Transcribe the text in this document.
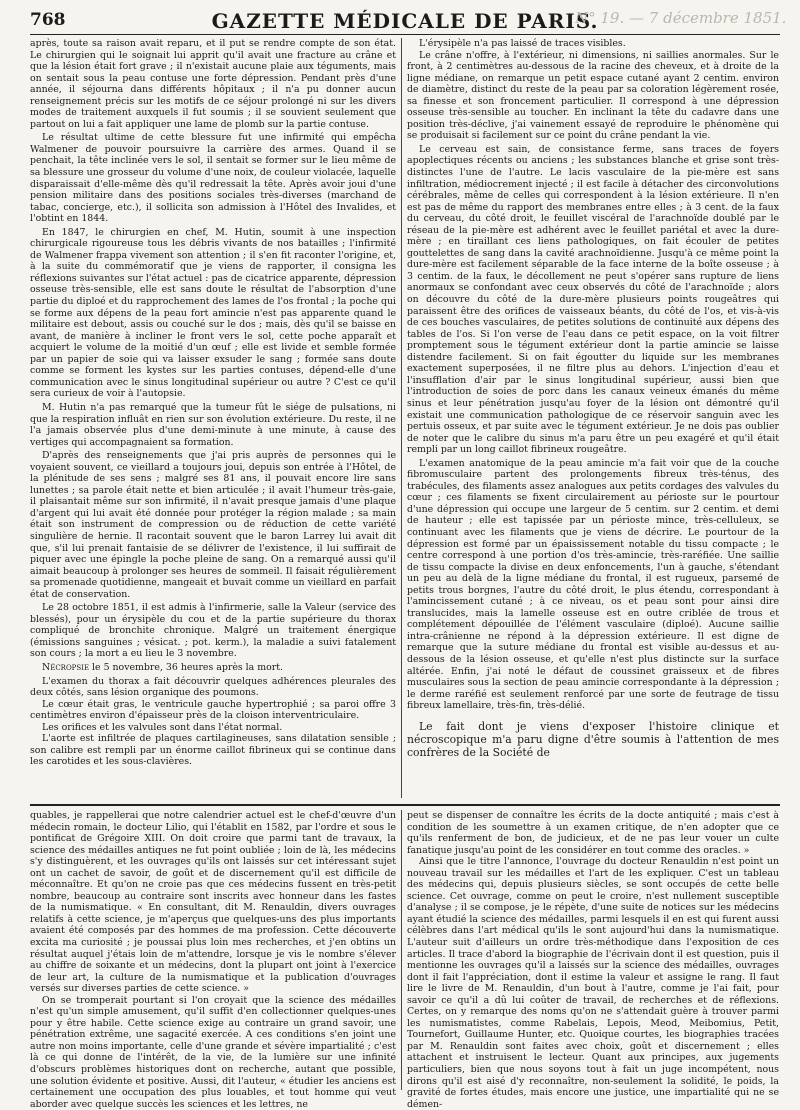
768	GAZETTE MÉDICALE DE PARIS.
N° 19. — 7 décembre 1851.

après, toute sa raison avait reparu, et il put se rendre compte de son état. Le chirurgien qui le soignait lui apprit qu'il avait une fracture au crâne et que la lésion était fort grave ; il n'existait aucune plaie aux téguments, mais on sentait sous la peau contuse une forte dépression. Pendant près d'une année, il séjourna dans différents hôpitaux ; il n'a pu donner aucun renseignement précis sur les motifs de ce séjour prolongé ni sur les divers modes de traitement auxquels il fut soumis ; il se souvient seulement que partout on lui a fait appliquer une lame de plomb sur la partie contuse.

Le résultat ultime de cette blessure fut une infirmité qui empêcha Walmener de pouvoir poursuivre la carrière des armes. Quand il se penchait, la tête inclinée vers le sol, il sentait se former sur le lieu même de sa blessure une grosseur du volume d'une noix, de couleur violacée, laquelle disparaissait d'elle-même dès qu'il redressait la tête. Après avoir joui d'une pension militaire dans des positions sociales très-diverses (marchand de tabac, concierge, etc.), il sollicita son admission à l'Hôtel des Invalides, et l'obtint en 1844.

En 1847, le chirurgien en chef, M. Hutin, soumit à une inspection chirurgicale rigoureuse tous les débris vivants de nos batailles ; l'infirmité de Walmener frappa vivement son attention ; il s'en fit raconter l'origine, et, à la suite du commémoratif que je viens de rapporter, il consigna les réflexions suivantes sur l'état actuel : pas de cicatrice apparente, dépression osseuse très-sensible, elle est sans doute le résultat de l'absorption d'une partie du diploé et du rapprochement des lames de l'os frontal ; la poche qui se forme aux dépens de la peau fort amincie n'est pas apparente quand le militaire est debout, assis ou couché sur le dos ; mais, dès qu'il se baisse en avant, de manière à incliner le front vers le sol, cette poche apparaît et acquiert le volume de la moitié d'un œuf ; elle est livide et semble formée par un papier de soie qui va laisser exsuder le sang ; formée sans doute comme se forment les kystes sur les parties contuses, dépend-elle d'une communication avec le sinus longitudinal supérieur ou autre ? C'est ce qu'il sera curieux de voir à l'autopsie.

M. Hutin n'a pas remarqué que la tumeur fût le siége de pulsations, ni que la respiration influât en rien sur son évolution extérieure. Du reste, il ne l'a jamais observée plus d'une demi-minute à une minute, à cause des vertiges qui accompagnaient sa formation.

D'après des renseignements que j'ai pris auprès de personnes qui le voyaient souvent, ce vieillard a toujours joui, depuis son entrée à l'Hôtel, de la plénitude de ses sens ; malgré ses 81 ans, il pouvait encore lire sans lunettes ; sa parole était nette et bien articulée ; il avait l'humeur très-gaie, il plaisantait même sur son infirmité, il n'avait presque jamais d'une plaque d'argent qui lui avait été donnée pour protéger la région malade ; sa main était son instrument de compression ou de réduction de cette variété singulière de hernie. Il racontait souvent que le baron Larrey lui avait dit que, s'il lui prenait fantaisie de se délivrer de l'existence, il lui suffirait de piquer avec une épingle la poche pleine de sang. On a remarqué aussi qu'il aimait beaucoup à prolonger ses heures de sommeil. Il faisait régulièrement sa promenade quotidienne, mangeait et buvait comme un vieillard en parfait état de conservation.

Le 28 octobre 1851, il est admis à l'infirmerie, salle la Valeur (service des blessés), pour un érysipèle du cou et de la partie supérieure du thorax compliqué de bronchite chronique. Malgré un traitement énergique (émissions sanguines ; vésicat. ; pot. kerm.), la maladie a suivi fatalement son cours ; la mort a eu lieu le 3 novembre.

Nécropsie le 5 novembre, 36 heures après la mort.

L'examen du thorax a fait découvrir quelques adhérences pleurales des deux côtés, sans lésion organique des poumons.

Le cœur était gras, le ventricule gauche hypertrophié ; sa paroi offre 3 centimètres environ d'épaisseur près de la cloison interventriculaire.

Les orifices et les valvules sont dans l'état normal.

L'aorte est infiltrée de plaques cartilagineuses, sans dilatation sensible ; son calibre est rempli par un énorme caillot fibrineux qui se continue dans les carotides et les sous-clavières.

L'érysipèle n'a pas laissé de traces visibles.

Le crâne n'offre, à l'extérieur, ni dimensions, ni saillies anormales. Sur le front, à 2 centimètres au-dessous de la racine des cheveux, et à droite de la ligne médiane, on remarque un petit espace cutané ayant 2 centim. environ de diamètre, distinct du reste de la peau par sa coloration légèrement rosée, sa finesse et son froncement particulier. Il correspond à une dépression osseuse très-sensible au toucher. En inclinant la tête du cadavre dans une position très-déclive, j'ai vainement essayé de reproduire le phénomène qui se produisait si facilement sur ce point du crâne pendant la vie.

Le cerveau est sain, de consistance ferme, sans traces de foyers apoplectiques récents ou anciens ; les substances blanche et grise sont très-distinctes l'une de l'autre. Le lacis vasculaire de la pie-mère est sans infiltration, médiocrement injecté ; il est facile à détacher des circonvolutions cérébrales, même de celles qui correspondent à la lésion extérieure. Il n'en est pas de même du rapport des membranes entre elles ; à 3 cent. de la faux du cerveau, du côté droit, le feuillet viscéral de l'arachnoïde doublé par le réseau de la pie-mère est adhérent avec le feuillet pariétal et avec la dure-mère ; en tiraillant ces liens pathologiques, on fait écouler de petites gouttelettes de sang dans la cavité arachnoïdienne. Jusqu'à ce même point la dure-mère est facilement séparable de la face interne de la boîte osseuse ; à 3 centim. de la faux, le décollement ne peut s'opérer sans rupture de liens anormaux se confondant avec ceux observés du côté de l'arachnoïde ; alors on découvre du côté de la dure-mère plusieurs points rougeâtres qui paraissent être des orifices de vaisseaux béants, du côté de l'os, et vis-à-vis de ces bouches vasculaires, de petites solutions de continuité aux dépens des tables de l'os. Si l'on verse de l'eau dans ce petit espace, on la voit filtrer promptement sous le tégument extérieur dont la partie amincie se laisse distendre facilement. Si on fait égoutter du liquide sur les membranes exactement superposées, il ne filtre plus au dehors. L'injection d'eau et l'insufflation d'air par le sinus longitudinal supérieur, aussi bien que l'introduction de soies de porc dans les canaux veineux émanés du même sinus et leur pénétration jusqu'au foyer de la lésion ont démontré qu'il existait une communication pathologique de ce réservoir sanguin avec les pertuis osseux, et par suite avec le tégument extérieur. Je ne dois pas oublier de noter que le calibre du sinus m'a paru être un peu exagéré et qu'il était rempli par un long caillot fibrineux rougeâtre.

L'examen anatomique de la peau amincie m'a fait voir que de la couche fibromusculaire partent des prolongements fibreux très-ténus, des trabécules, des filaments assez analogues aux petits cordages des valvules du cœur ; ces filaments se fixent circulairement au périoste sur le pourtour d'une dépression qui occupe une largeur de 5 centim. sur 2 centim. et demi de hauteur ; elle est tapissée par un périoste mince, très-celluleux, se continuant avec les filaments que je viens de décrire. Le pourtour de la dépression est formé par un épaississement notable du tissu compacte ; le centre correspond à une portion d'os très-amincie, très-raréfiée. Une saillie de tissu compacte la divise en deux enfoncements, l'un à gauche, s'étendant un peu au delà de la ligne médiane du frontal, il est rugueux, parsemé de petits trous borgnes, l'autre du côté droit, le plus étendu, correspondant à l'amincissement cutané ; à ce niveau, os et peau sont pour ainsi dire translucides, mais la lamelle osseuse est en outre criblée de trous et complétement dépouillée de l'élément vasculaire (diploé). Aucune saillie intra-crânienne ne répond à la dépression extérieure. Il est digne de remarque que la suture médiane du frontal est visible au-dessus et au-dessous de la lésion osseuse, et qu'elle n'est plus distincte sur la surface altérée. Enfin, j'ai noté le défaut de coussinet graisseux et de fibres musculaires sous la section de peau amincie correspondante à la dépression ; le derme raréfié est seulement renforcé par une sorte de feutrage de tissu fibreux lamellaire, très-fin, très-délié.

Le fait dont je viens d'exposer l'histoire clinique et nécroscopique m'a paru digne d'être soumis à l'attention de mes confrères de la Société de

quables, je rappellerai que notre calendrier actuel est le chef-d'œuvre d'un médecin romain, le docteur Lilio, qui l'établit en 1582, par l'ordre et sous le pontificat de Grégoire XIII. On doit croire que parmi tant de travaux, la science des médailles antiques ne fut point oubliée ; loin de là, les médecins s'y distinguèrent, et les ouvrages qu'ils ont laissés sur cet intéressant sujet ont un cachet de savoir, de goût et de discernement qu'il est difficile de méconnaître. Et qu'on ne croie pas que ces médecins fussent en très-petit nombre, beaucoup au contraire sont inscrits avec honneur dans les fastes de la numismatique. « En consultant, dit M. Renauldin, divers ouvrages relatifs à cette science, je m'aperçus que quelques-uns des plus importants avaient été composés par des hommes de ma profession. Cette découverte excita ma curiosité ; je poussai plus loin mes recherches, et j'en obtins un résultat auquel j'étais loin de m'attendre, lorsque je vis le nombre s'élever au chiffre de soixante et un médecins, dont la plupart ont joint à l'exercice de leur art, la culture de la numismatique et la publication d'ouvrages versés sur diverses parties de cette science. »

On se tromperait pourtant si l'on croyait que la science des médailles n'est qu'un simple amusement, qu'il suffit d'en collectionner quelques-unes pour y être habile. Cette science exige au contraire un grand savoir, une pénétration extrême, une sagacité exercée. A ces conditions s'en joint une autre non moins importante, celle d'une grande et sévère impartialité ; c'est là ce qui donne de l'intérêt, de la vie, de la lumière sur une infinité d'obscurs problèmes historiques dont on recherche, autant que possible, une solution évidente et positive. Aussi, dit l'auteur, « étudier les anciens est certainement une occupation des plus louables, et tout homme qui veut aborder avec quelque succès les sciences et les lettres, ne

peut se dispenser de connaître les écrits de la docte antiquité ; mais c'est à condition de les soumettre à un examen critique, de n'en adopter que ce qu'ils renferment de bon, de judicieux, et de ne pas leur vouer un culte fanatique jusqu'au point de les considérer en tout comme des oracles. »

Ainsi que le titre l'annonce, l'ouvrage du docteur Renauldin n'est point un nouveau travail sur les médailles et l'art de les expliquer. C'est un tableau des médecins qui, depuis plusieurs siècles, se sont occupés de cette belle science. Cet ouvrage, comme on peut le croire, n'est nullement susceptible d'analyse ; il se compose, je le répète, d'une suite de notices sur les médecins ayant étudié la science des médailles, parmi lesquels il en est qui furent aussi célèbres dans l'art médical qu'ils le sont aujourd'hui dans la numismatique. L'auteur suit d'ailleurs un ordre très-méthodique dans l'exposition de ces articles. Il trace d'abord la biographie de l'écrivain dont il est question, puis il mentionne les ouvrages qu'il a laissés sur la science des médailles, ouvrages dont il fait l'appréciation, dont il estime la valeur et assigne le rang. Il faut lire le livre de M. Renauldin, d'un bout à l'autre, comme je l'ai fait, pour savoir ce qu'il a dû lui coûter de travail, de recherches et de réflexions. Certes, on y remarque des noms qu'on ne s'attendait guère à trouver parmi les numismatistes, comme Rabelais, Lepois, Meod, Meibomius, Petit, Tournefort, Guillaume Hunter, etc. Quoique courtes, les biographies tracées par M. Renauldin sont faites avec choix, goût et discernement ; elles attachent et instruisent le lecteur. Quant aux principes, aux jugements particuliers, bien que nous soyons tout à fait un juge incompétent, nous dirons qu'il est aisé d'y reconnaître, non-seulement la solidité, le poids, la gravité de fortes études, mais encore une justice, une impartialité qui ne se démen-
